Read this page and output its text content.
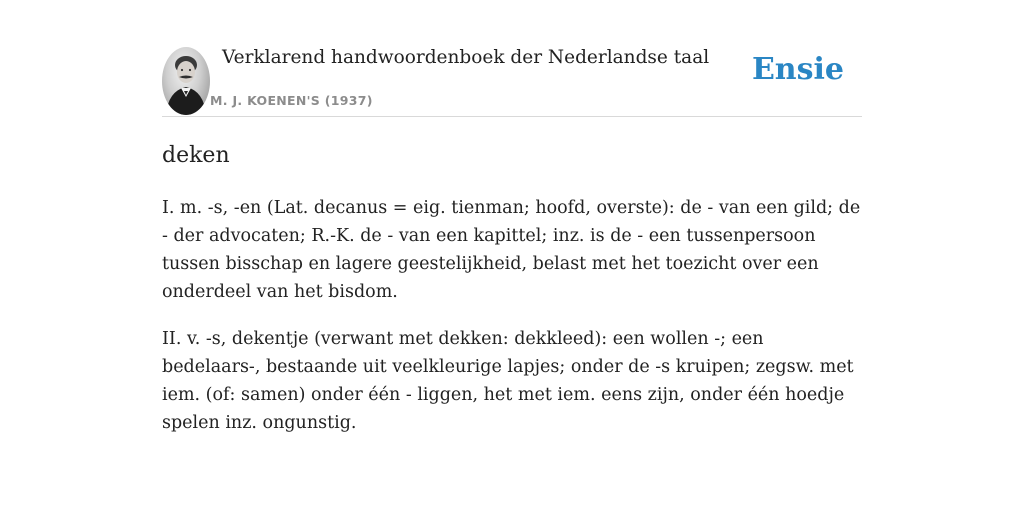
Verklarend handwoordenboek der Nederlandse taal
M. J. KOENEN'S (1937)
Ensie
deken

I. m. -s, -en (Lat. decanus = eig. tienman; hoofd, overste): de - van een gild; de - der advocaten; R.-K. de - van een kapittel; inz. is de - een tussenpersoon tussen bisschap en lagere geestelijkheid, belast met het toezicht over een onderdeel van het bisdom.

II. v. -s, dekentje (verwant met dekken: dekkleed): een wollen -; een bedelaars-, bestaande uit veelkleurige lapjes; onder de -s kruipen; zegsw. met iem. (of: samen) onder één - liggen, het met iem. eens zijn, onder één hoedje spelen inz. ongunstig.
